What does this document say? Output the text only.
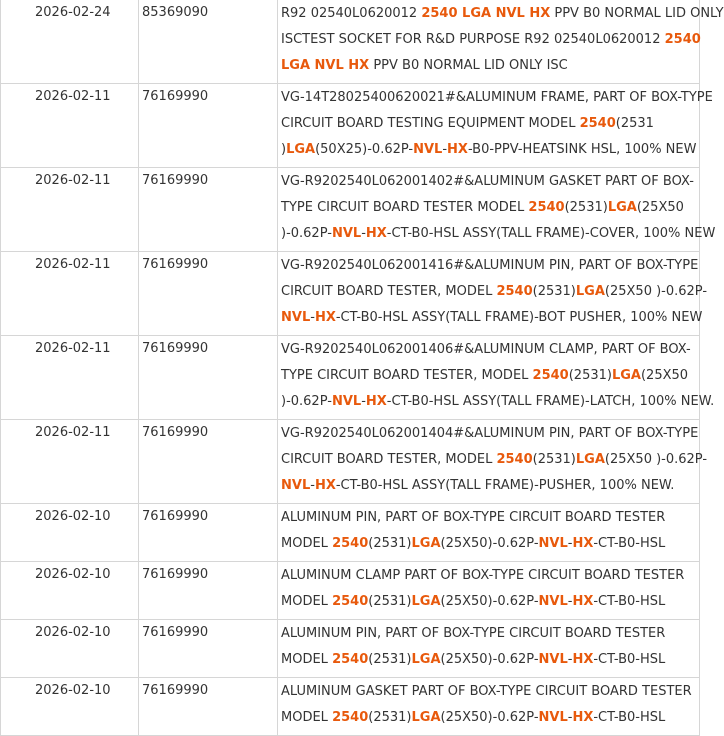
2026-02-24	85369090	R92 02540L0620012 2540 LGA NVL HX PPV B0 NORMAL LID ONLY
ISCTEST SOCKET FOR R&D PURPOSE R92 02540L0620012 2540
LGA NVL HX PPV B0 NORMAL LID ONLY ISC

2026-02-11	76169990	VG-14T28025400620021#&ALUMINUM FRAME, PART OF BOX-TYPE
CIRCUIT BOARD TESTING EQUIPMENT MODEL 2540(2531
)LGA(50X25)-0.62P-NVL-HX-B0-PPV-HEATSINK HSL, 100% NEW

2026-02-11	76169990	VG-R9202540L062001402#&ALUMINUM GASKET PART OF BOX-
TYPE CIRCUIT BOARD TESTER MODEL 2540(2531)LGA(25X50
)-0.62P-NVL-HX-CT-B0-HSL ASSY(TALL FRAME)-COVER, 100% NEW

2026-02-11	76169990	VG-R9202540L062001416#&ALUMINUM PIN, PART OF BOX-TYPE
CIRCUIT BOARD TESTER, MODEL 2540(2531)LGA(25X50 )-0.62P-
NVL-HX-CT-B0-HSL ASSY(TALL FRAME)-BOT PUSHER, 100% NEW

2026-02-11	76169990	VG-R9202540L062001406#&ALUMINUM CLAMP, PART OF BOX-
TYPE CIRCUIT BOARD TESTER, MODEL 2540(2531)LGA(25X50
)-0.62P-NVL-HX-CT-B0-HSL ASSY(TALL FRAME)-LATCH, 100% NEW.

2026-02-11	76169990	VG-R9202540L062001404#&ALUMINUM PIN, PART OF BOX-TYPE
CIRCUIT BOARD TESTER, MODEL 2540(2531)LGA(25X50 )-0.62P-
NVL-HX-CT-B0-HSL ASSY(TALL FRAME)-PUSHER, 100% NEW.

2026-02-10	76169990	ALUMINUM PIN, PART OF BOX-TYPE CIRCUIT BOARD TESTER
MODEL 2540(2531)LGA(25X50)-0.62P-NVL-HX-CT-B0-HSL

2026-02-10	76169990	ALUMINUM CLAMP PART OF BOX-TYPE CIRCUIT BOARD TESTER
MODEL 2540(2531)LGA(25X50)-0.62P-NVL-HX-CT-B0-HSL

2026-02-10	76169990	ALUMINUM PIN, PART OF BOX-TYPE CIRCUIT BOARD TESTER
MODEL 2540(2531)LGA(25X50)-0.62P-NVL-HX-CT-B0-HSL

2026-02-10	76169990	ALUMINUM GASKET PART OF BOX-TYPE CIRCUIT BOARD TESTER
MODEL 2540(2531)LGA(25X50)-0.62P-NVL-HX-CT-B0-HSL
